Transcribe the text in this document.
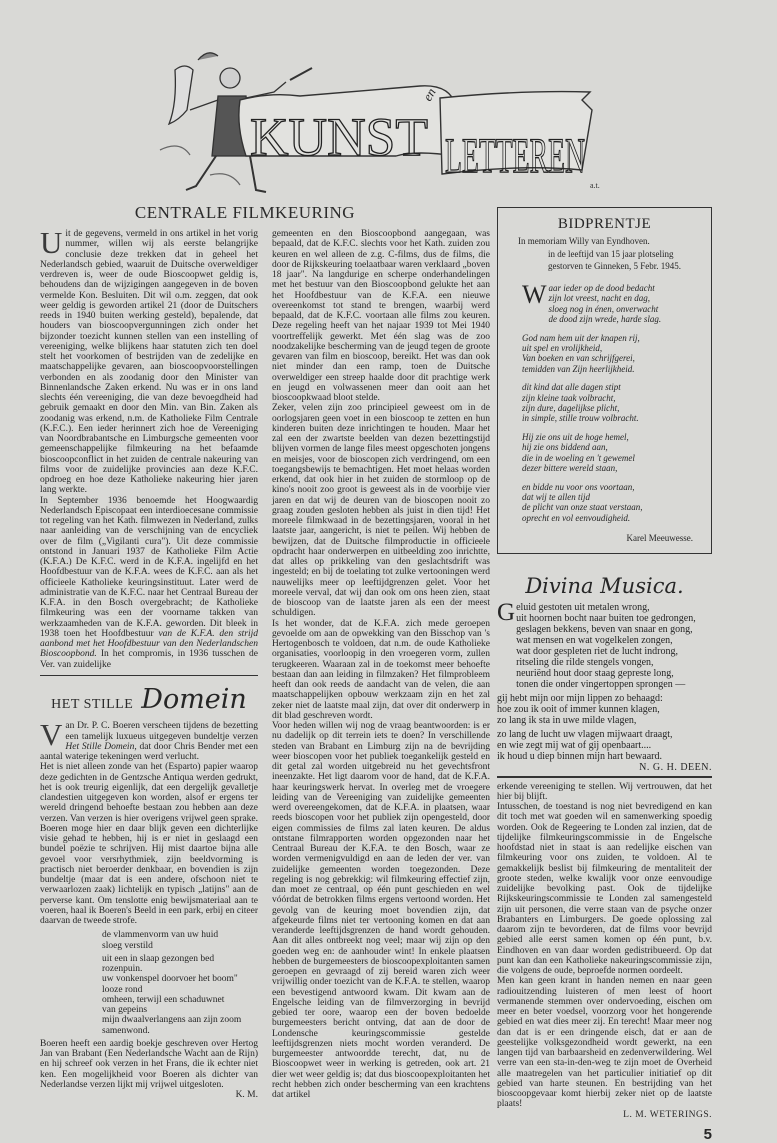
KUNST
en
LETTEREN
a.t.
CENTRALE FILMKEURING

Uit de gegevens, vermeld in ons artikel in het vorig nummer, willen wij als eerste belangrijke conclusie deze trekken dat in geheel het Nederlandsch gebied, waaruit de Duitsche overweldiger verdreven is, weer de oude Bioscoopwet geldig is, behoudens dan de wijzigingen aangegeven in de boven vermelde Kon. Besluiten. Dit wil o.m. zeggen, dat ook weer geldig is geworden artikel 21 (door de Duitschers reeds in 1940 buiten werking gesteld), bepalende, dat houders van bioscoopvergunningen zich onder het bijzonder toezicht kunnen stellen van een instelling of vereeniging, welke blijkens haar statuten zich ten doel stelt het voorkomen of bestrijden van de zedelijke en maatschappelijke gevaren, aan bioscoopvoorstellingen verbonden en als zoodanig door den Minister van Binnenlandsche Zaken erkend. Nu was er in ons land slechts één vereeniging, die van deze bevoegdheid had gebruik gemaakt en door den Min. van Bin. Zaken als zoodanig was erkend, n.m. de Katholieke Film Centrale (K.F.C.). Een ieder herinnert zich hoe de Vereeniging van Noordbrabantsche en Limburgsche gemeenten voor gemeenschappelijke filmkeuring na het befaamde bioscoopconflict in het zuiden de centrale nakeuring van films voor de zuidelijke provincies aan deze K.F.C. opdroeg en hoe deze Katholieke nakeuring hier jaren lang werkte.

In September 1936 benoemde het Hoogwaardig Nederlandsch Episcopaat een interdioecesane commissie tot regeling van het Kath. filmwezen in Nederland, zulks naar aanleiding van de verschijning van de encycliek over de film („Vigilanti cura"). Uit deze commissie ontstond in Januari 1937 de Katholieke Film Actie (K.F.A.) De K.F.C. werd in de K.F.A. ingelijfd en het Hoofdbestuur van de K.F.A. wees de K.F.C. aan als het officieele Katholieke keuringsinstituut. Later werd de administratie van de K.F.C. naar het Centraal Bureau der K.F.A. in den Bosch overgebracht; de Katholieke filmkeuring was een der voorname takken van werkzaamheden van de K.F.A. geworden. Dit bleek in 1938 toen het Hoofdbestuur van de K.F.A. den strijd aanbond met het Hoofdbestuur van den Nederlandschen Bioscoopbond. In het compromis, in 1936 tusschen de Ver. van zuidelijke

HET STILLE Domein

Van Dr. P. C. Boeren verscheen tijdens de bezetting een tamelijk luxueus uitgegeven bundeltje verzen Het Stille Domein, dat door Chris Bender met een aantal waterige tekeningen werd verlucht.

Het is niet alleen zonde van het (Esparto) papier waarop deze gedichten in de Gentzsche Antiqua werden gedrukt, het is ook treurig eigenlijk, dat een dergelijk gevalletje clandestien uitgegeven kon worden, alsof er ergens ter wereld dringend behoefte bestaan zou hebben aan deze verzen. Van verzen is hier overigens vrijwel geen sprake. Boeren moge hier en daar blijk geven een dichterlijke visie gehad te hebben, hij is er niet in geslaagd een bundel poëzie te schrijven. Hij mist daartoe bijna alle gevoel voor versrhythmiek, zijn beeldvorming is practisch niet beroerder denkbaar, en bovendien is zijn bundeltje (maar dat is een andere, ofschoon niet te verwaarlozen zaak) lichtelijk en typisch „latijns" aan de perverse kant. Om tenslotte enig bewijsmateriaal aan te voeren, haal ik Boeren's Beeld in een park, erbij en citeer daarvan de tweede strofe.

de vlammenvorm van uw huid
sloeg verstild
uit een in slaap gezongen bed
rozenpuin.
uw vonkenspel doorvoer het boom"
looze rond
omheen, terwijl een schaduwnet
van gepeins
mijn dwaalverlangens aan zijn zoom
samenwond.

Boeren heeft een aardig boekje geschreven over Hertog Jan van Brabant (Een Nederlandsche Wacht aan de Rijn) en hij schreef ook verzen in het Frans, die ik echter niet ken. Een mogelijkheid voor Boeren als dichter van Nederlandse verzen lijkt mij vrijwel uitgesloten.

K. M.

gemeenten en den Bioscoopbond aangegaan, was bepaald, dat de K.F.C. slechts voor het Kath. zuiden zou keuren en wel alleen de z.g. C-films, dus de films, die door de Rijkskeuring toelaatbaar waren verklaard „boven 18 jaar". Na langdurige en scherpe onderhandelingen met het bestuur van den Bioscoopbond gelukte het aan het Hoofdbestuur van de K.F.A. een nieuwe overeenkomst tot stand te brengen, waarbij werd bepaald, dat de K.F.C. voortaan alle films zou keuren. Deze regeling heeft van het najaar 1939 tot Mei 1940 voortreffelijk gewerkt. Met één slag was de zoo noodzakelijke bescherming van de jeugd tegen de groote gevaren van film en bioscoop, bereikt. Het was dan ook niet minder dan een ramp, toen de Duitsche overweldiger een streep haalde door dit prachtige werk en jeugd en volwassenen meer dan ooit aan het bioscoopkwaad bloot stelde.

Zeker, velen zijn zoo principieel geweest om in de oorlogsjaren geen voet in een bioscoop te zetten en hun kinderen buiten deze inrichtingen te houden. Maar het zal een der zwartste beelden van dezen bezettingstijd blijven vormen de lange files meest opgeschoten jongens en meisjes, voor de bioscopen zich verdringend, om een toegangsbewijs te bemachtigen. Het moet helaas worden erkend, dat ook hier in het zuiden de stormloop op de kino's nooit zoo groot is geweest als in de voorbije vier jaren en dat wij de deuren van de bioscopen nooit zo graag zouden gesloten hebben als juist in dien tijd! Het moreele filmkwaad in de bezettingsjaren, vooral in het laatste jaar, aangericht, is niet te peilen. Wij hebben de bewijzen, dat de Duitsche filmproductie in officieele opdracht haar onderwerpen en uitbeelding zoo inrichtte, dat alles op prikkeling van den geslachtsdrift was ingesteld; en bij de toelating tot zulke vertooningen werd nauwelijks meer op leeftijdgrenzen gelet. Voor het moreele verval, dat wij dan ook om ons heen zien, staat de bioscoop van de laatste jaren als een der meest schuldigen.

Is het wonder, dat de K.F.A. zich mede geroepen gevoelde om aan de opwekking van den Bisschop van 's Hertogenbosch te voldoen, dat n.m. de oude Katholieke organisaties, voorloopig in den vroegeren vorm, zullen terugkeeren. Waaraan zal in de toekomst meer behoefte bestaan dan aan leiding in filmzaken? Het filmprobleem heeft dan ook reeds de aandacht van de velen, die aan maatschappelijken opbouw werkzaam zijn en het zal zeker niet de laatste maal zijn, dat over dit onderwerp in dit blad geschreven wordt.

Voor heden willen wij nog de vraag beantwoorden: is er nu dadelijk op dit terrein iets te doen? In verschillende steden van Brabant en Limburg zijn na de bevrijding weer bioscopen voor het publiek toegankelijk gesteld en dit getal zal worden uitgebreid nu het gevechtsfront ineenzakte. Het ligt daarom voor de hand, dat de K.F.A. haar keuringswerk hervat. In overleg met de vroegere leiding van de Vereeniging van zuidelijke gemeenten werd overeengekomen, dat de K.F.A. in plaatsen, waar reeds bioscopen voor het publiek zijn opengesteld, door eigen commissies de films zal laten keuren. De aldus ontstane filmrapporten worden opgezonden naar het Centraal Bureau der K.F.A. te den Bosch, waar ze worden vermenigvuldigd en aan de leden der ver. van zuidelijke gemeenten worden toegezonden. Deze regeling is nog gebrekkig: wil filmkeuring effectief zijn, dan moet ze centraal, op één punt geschieden en wel vóórdat de betrokken films ergens vertoond worden. Het gevolg van de keuring moet bovendien zijn, dat afgekeurde films niet ter vertooning komen en dat aan veranderde leeftijdsgrenzen de hand wordt gehouden. Aan dit alles ontbreekt nog veel; maar wij zijn op den goeden weg en: de aanhouder wint! In enkele plaatsen hebben de burgemeesters de bioscoopexploitanten samen geroepen en gevraagd of zij bereid waren zich weer vrijwillig onder toezicht van de K.F.A. te stellen, waarop een bevestigend antwoord kwam. Dit kwam aan de Engelsche leiding van de filmverzorging in bevrijd gebied ter oore, waarop een der boven bedoelde burgemeesters bericht ontving, dat aan de door de Londensche keuringscommissie gestelde leeftijdsgrenzen niets mocht worden veranderd. De burgemeester antwoordde terecht, dat, nu de Bioscoopwet weer in werking is getreden, ook art. 21 dier wet weer geldig is; dat dus bioscoopexploitanten het recht hebben zich onder bescherming van een krachtens dat artikel

BIDPRENTJE
In memoriam Willy van Eyndhoven.
in de leeftijd van 15 jaar plotseling
gestorven te Ginneken, 5 Febr. 1945.
W aar ieder op de dood bedacht
zijn lot vreest, nacht en dag,
sloeg nog in énen, onverwacht
de dood zijn wrede, harde slag.
God nam hem uit der knapen rij,
uit spel en vrolijkheid,
Van boeken en van schrijfgerei,
temidden van Zijn heerlijkheid.
dit kind dat alle dagen stipt
zijn kleine taak volbracht,
zijn dure, dagelijkse plicht,
in simple, stille trouw volbracht.
Hij zie ons uit de hoge hemel,
hij zie ons biddend aan,
die in de woeling en 't gewemel
dezer bittere wereld staan,
en bidde nu voor ons voortaan,
dat wij te allen tijd
de plicht van onze staat verstaan,
oprecht en vol eenvoudigheid.
Karel Meeuwesse.
Divina Musica.
G eluid gestoten uit metalen wrong,
uit hoornen bocht naar buiten toe gedrongen,
geslagen bekkens, beven van snaar en gong,
wat mensen en wat vogelkelen zongen,
wat door gespleten riet de lucht indrong,
ritseling die rilde stengels vongen,
neuriënd hout door staag gepreste long,
tonen die onder vingertoppen sprongen —
gij hebt mijn oor mijn lippen zo behaagd:
hoe zou ik ooit of immer kunnen klagen,
zo lang ik sta in uwe milde vlagen,
zo lang de lucht uw vlagen mijwaart draagt,
en wie zegt mij wat of gij openbaart....
ik houd u diep binnen mijn hart bewaard.
N. G. H. DEEN.

erkende vereeniging te stellen. Wij vertrouwen, dat het hier bij blijft.

Intusschen, de toestand is nog niet bevredigend en kan dit toch met wat goeden wil en samenwerking spoedig worden. Ook de Regeering te Londen zal inzien, dat de tijdelijke filmkeuringscommissie in de Engelsche hoofdstad niet in staat is aan redelijke eischen van filmkeuring voor ons zuiden, te voldoen. Al te gemakkelijk beslist bij filmkeuring de mentaliteit der groote steden, welke kwalijk voor onze eenvoudige zuidelijke bevolking past. Ook de tijdelijke Rijkskeuringscommissie te Londen zal samengesteld zijn uit personen, die verre staan van de psyche onzer Brabanters en Limburgers. De goede oplossing zal daarom zijn te bevorderen, dat de films voor bevrijd gebied alle eerst samen komen op één punt, b.v. Eindhoven en van daar worden gedistribueerd. Op dat punt kan dan een Katholieke nakeuringscommissie zijn, die volgens de oude, beproefde normen oordeelt.

Men kan geen krant in handen nemen en naar geen radiouitzending luisteren of men leest of hoort vermanende stemmen over ondervoeding, eischen om meer en beter voedsel, voorzorg voor het hongerende gebied en wat dies meer zij. En terecht! Maar meer nog dan dat is er een dringende eisch, dat er aan de geestelijke volksgezondheid wordt gewerkt, na een langen tijd van barbaarsheid en zedenverwildering. Wel verre van een sta-in-den-weg te zijn moet de Overheid alle maatregelen van het particulier initiatief op dit gebied van harte steunen. En bestrijding van het bioscoopgevaar komt hierbij zeker niet op de laatste plaats!

L. M. WETERINGS.
5
